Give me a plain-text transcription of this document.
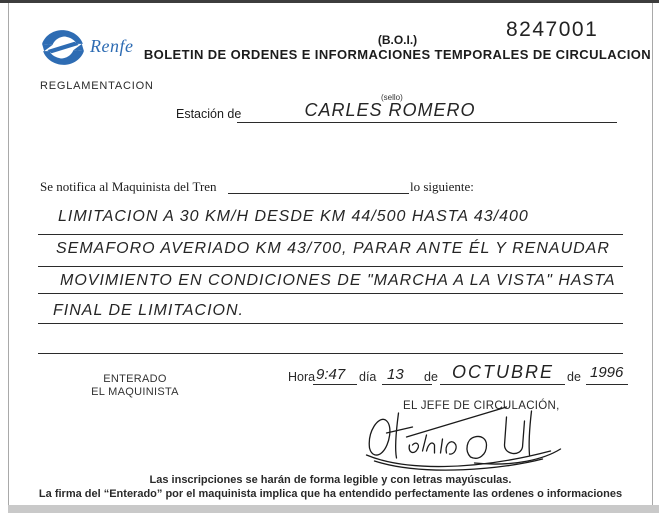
Renfe
8247001
(B.O.I.)
BOLETIN DE ORDENES E INFORMACIONES TEMPORALES DE CIRCULACION
REGLAMENTACION
Estación de
(sello)
CARLES ROMERO
Se notifica al Maquinista del Tren	lo siguiente:
LIMITACION A 30 KM/H DESDE KM 44/500 HASTA 43/400
SEMAFORO AVERIADO KM 43/700, PARAR ANTE ÉL Y RENAUDAR
MOVIMIENTO EN CONDICIONES DE "MARCHA A LA VISTA" HASTA
FINAL DE LIMITACION.
ENTERADO
EL MAQUINISTA
Hora 9:47 día 13 de OCTUBRE de 1996
EL JEFE DE CIRCULACIÓN,
Las inscripciones se harán de forma legible y con letras mayúsculas.
La firma del “Enterado” por el maquinista implica que ha entendido perfectamente las ordenes o informaciones
